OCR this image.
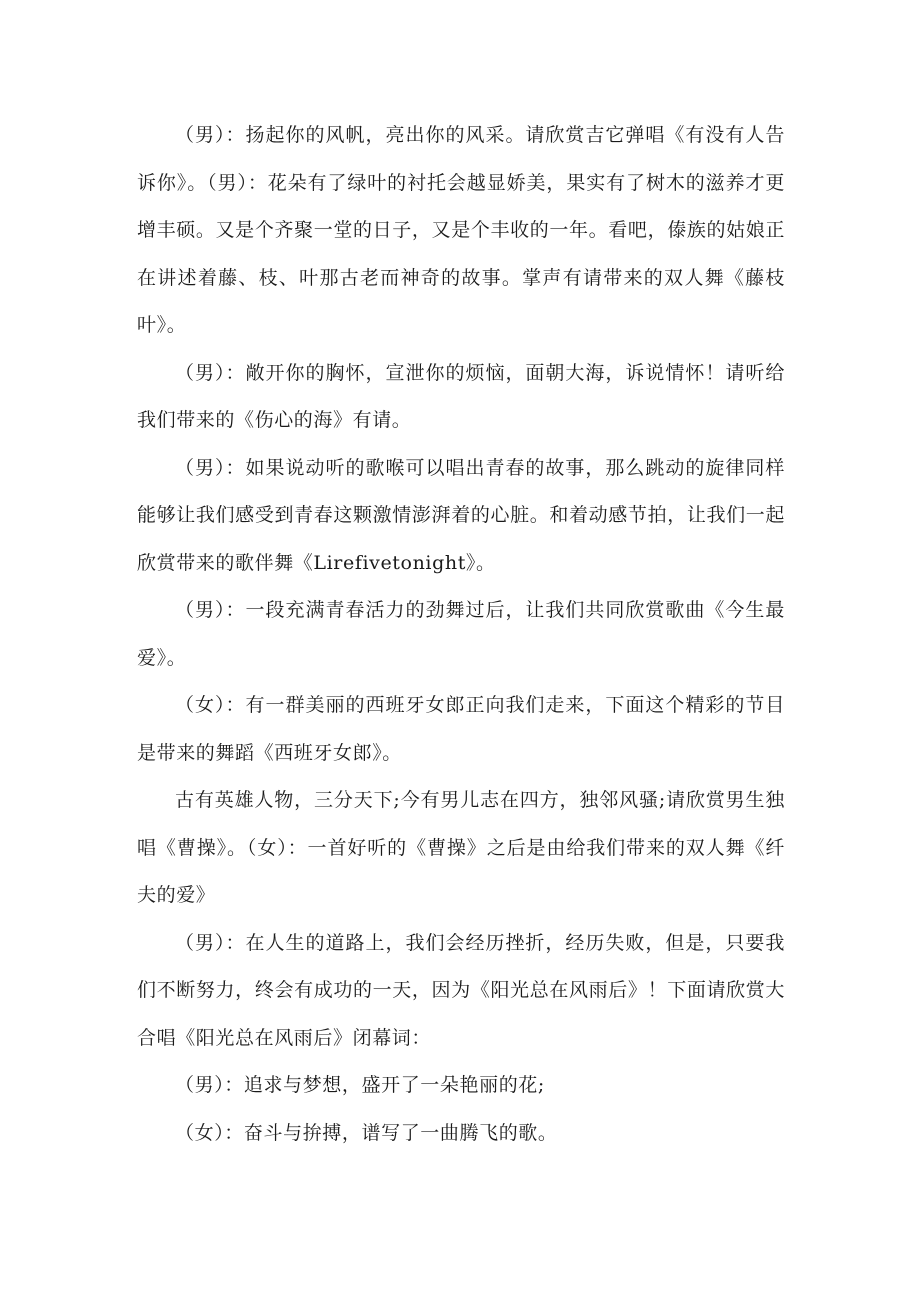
（男）：扬起你的风帆，亮出你的风采。请欣赏吉它弹唱《有没有人告诉你》。（男）：花朵有了绿叶的衬托会越显娇美，果实有了树木的滋养才更增丰硕。又是个齐聚一堂的日子，又是个丰收的一年。看吧，傣族的姑娘正在讲述着藤、枝、叶那古老而神奇的故事。掌声有请带来的双人舞《藤枝叶》。

（男）：敞开你的胸怀，宣泄你的烦恼，面朝大海，诉说情怀！请听给我们带来的《伤心的海》有请。

（男）：如果说动听的歌喉可以唱出青春的故事，那么跳动的旋律同样能够让我们感受到青春这颗激情澎湃着的心脏。和着动感节拍，让我们一起欣赏带来的歌伴舞《Lirefivetonight》。

（男）：一段充满青春活力的劲舞过后，让我们共同欣赏歌曲《今生最爱》。

（女）：有一群美丽的西班牙女郎正向我们走来，下面这个精彩的节目是带来的舞蹈《西班牙女郎》。

古有英雄人物，三分天下;今有男儿志在四方，独邻风骚;请欣赏男生独唱《曹操》。（女）：一首好听的《曹操》之后是由给我们带来的双人舞《纤夫的爱》

（男）：在人生的道路上，我们会经历挫折，经历失败，但是，只要我们不断努力，终会有成功的一天，因为《阳光总在风雨后》！下面请欣赏大合唱《阳光总在风雨后》闭幕词：

（男）：追求与梦想，盛开了一朵艳丽的花;

（女）：奋斗与拚搏，谱写了一曲腾飞的歌。
